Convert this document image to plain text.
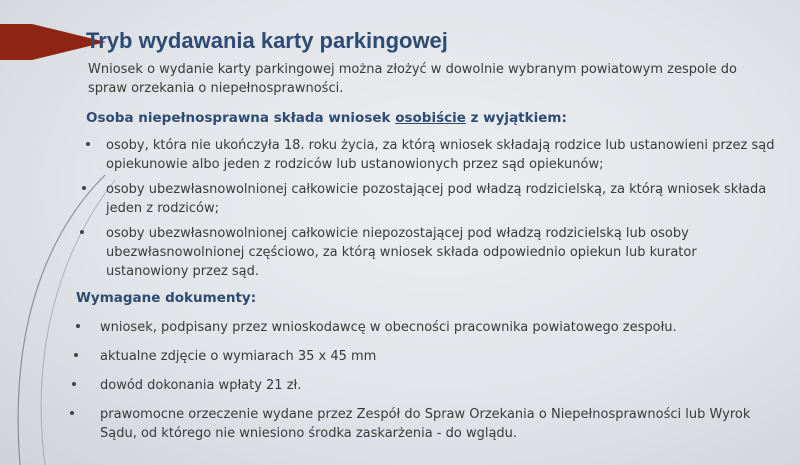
Tryb wydawania karty parkingowej
Wniosek o wydanie karty parkingowej można złożyć w dowolnie wybranym powiatowym zespole do spraw orzekania o niepełnosprawności.
Osoba niepełnosprawna składa wniosek osobiście z wyjątkiem:
osoby, która nie ukończyła 18. roku życia, za którą wniosek składają rodzice lub ustanowieni przez sąd opiekunowie albo jeden z rodziców lub ustanowionych przez sąd opiekunów;
osoby ubezwłasnowolnionej całkowicie pozostającej pod władzą rodzicielską, za którą wniosek składa jeden z rodziców;
osoby ubezwłasnowolnionej całkowicie niepozostającej pod władzą rodzicielską lub osoby ubezwłasnowolnionej częściowo, za którą wniosek składa odpowiednio opiekun lub kurator ustanowiony przez sąd.
Wymagane dokumenty:
wniosek, podpisany przez wnioskodawcę w obecności pracownika powiatowego zespołu.
aktualne zdjęcie o wymiarach 35 x 45 mm
dowód dokonania wpłaty 21 zł.
prawomocne orzeczenie wydane przez Zespół do Spraw Orzekania o Niepełnosprawności lub Wyrok Sądu, od którego nie wniesiono środka zaskarżenia - do wglądu.
